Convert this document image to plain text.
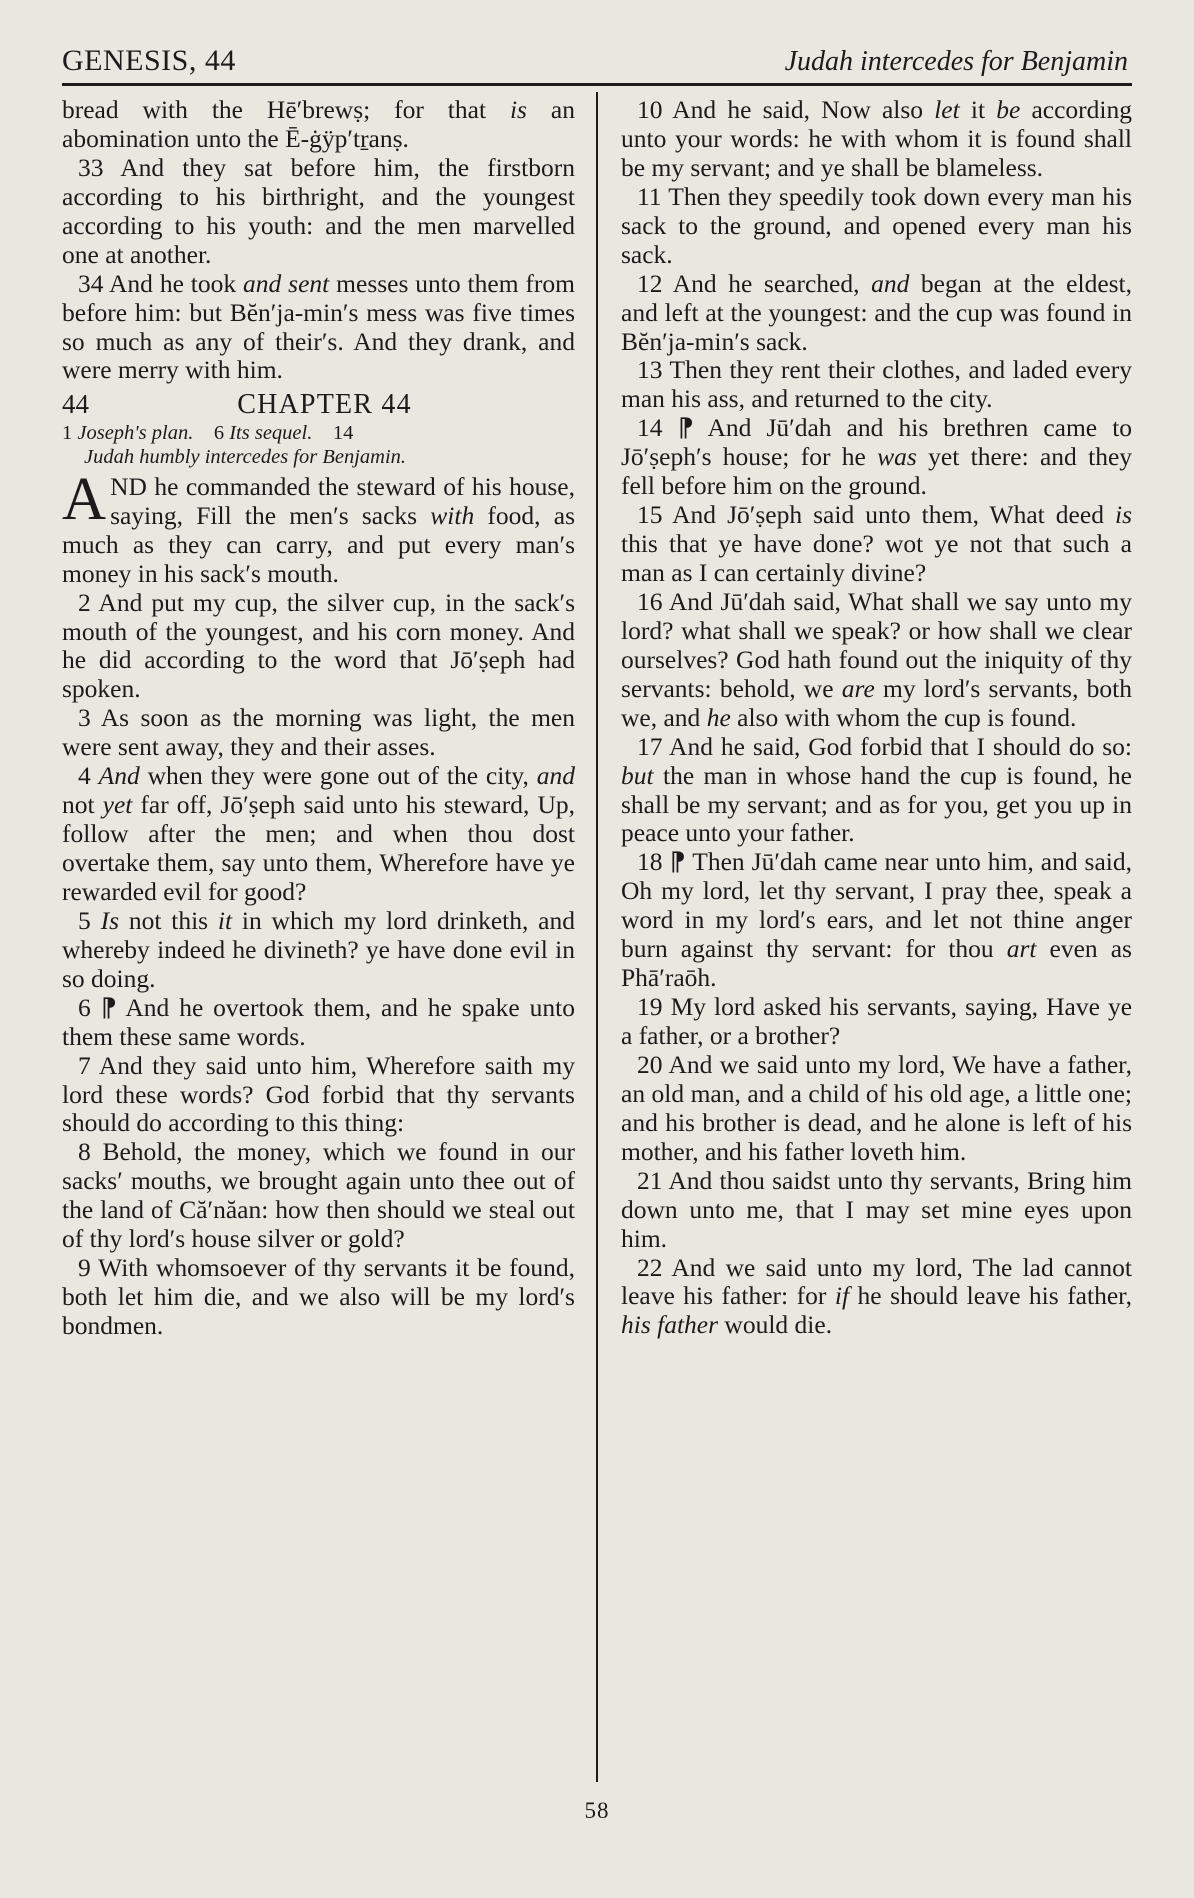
GENESIS, 44	Judah intercedes for Benjamin

bread with the Hēʹbrewṣ; for that is an abomination unto the Ē-ġÿpʹtṟanṣ.

33 And they sat before him, the firstborn according to his birthright, and the youngest according to his youth: and the men marvelled one at another.

34 And he took and sent messes unto them from before him: but Bĕnʹja-minʹs mess was five times so much as any of theirʹs. And they drank, and were merry with him.

44	CHAPTER 44
1 Joseph's plan. 6 Its sequel. 14
Judah humbly intercedes for Benjamin.
A ND he commanded the steward of his house, saying, Fill the menʹs sacks with food, as much as they can carry, and put every manʹs money in his sackʹs mouth.

2 And put my cup, the silver cup, in the sackʹs mouth of the youngest, and his corn money. And he did according to the word that Jōʹṣeph had spoken.

3 As soon as the morning was light, the men were sent away, they and their asses.

4 And when they were gone out of the city, and not yet far off, Jōʹṣeph said unto his steward, Up, follow after the men; and when thou dost overtake them, say unto them, Wherefore have ye rewarded evil for good?

5 Is not this it in which my lord drinketh, and whereby indeed he divineth? ye have done evil in so doing.

6 ⁋ And he overtook them, and he spake unto them these same words.

7 And they said unto him, Wherefore saith my lord these words? God forbid that thy servants should do according to this thing:

8 Behold, the money, which we found in our sacksʹ mouths, we brought again unto thee out of the land of Căʹnăan: how then should we steal out of thy lordʹs house silver or gold?

9 With whomsoever of thy servants it be found, both let him die, and we also will be my lordʹs bondmen.

10 And he said, Now also let it be according unto your words: he with whom it is found shall be my servant; and ye shall be blameless.

11 Then they speedily took down every man his sack to the ground, and opened every man his sack.

12 And he searched, and began at the eldest, and left at the youngest: and the cup was found in Bĕnʹja-minʹs sack.

13 Then they rent their clothes, and laded every man his ass, and returned to the city.

14 ⁋ And Jūʹdah and his brethren came to Jōʹṣephʹs house; for he was yet there: and they fell before him on the ground.

15 And Jōʹṣeph said unto them, What deed is this that ye have done? wot ye not that such a man as I can certainly divine?

16 And Jūʹdah said, What shall we say unto my lord? what shall we speak? or how shall we clear ourselves? God hath found out the iniquity of thy servants: behold, we are my lordʹs servants, both we, and he also with whom the cup is found.

17 And he said, God forbid that I should do so: but the man in whose hand the cup is found, he shall be my servant; and as for you, get you up in peace unto your father.

18 ⁋ Then Jūʹdah came near unto him, and said, Oh my lord, let thy servant, I pray thee, speak a word in my lordʹs ears, and let not thine anger burn against thy servant: for thou art even as Phāʹraōh.

19 My lord asked his servants, saying, Have ye a father, or a brother?

20 And we said unto my lord, We have a father, an old man, and a child of his old age, a little one; and his brother is dead, and he alone is left of his mother, and his father loveth him.

21 And thou saidst unto thy servants, Bring him down unto me, that I may set mine eyes upon him.

22 And we said unto my lord, The lad cannot leave his father: for if he should leave his father, his father would die.

58
